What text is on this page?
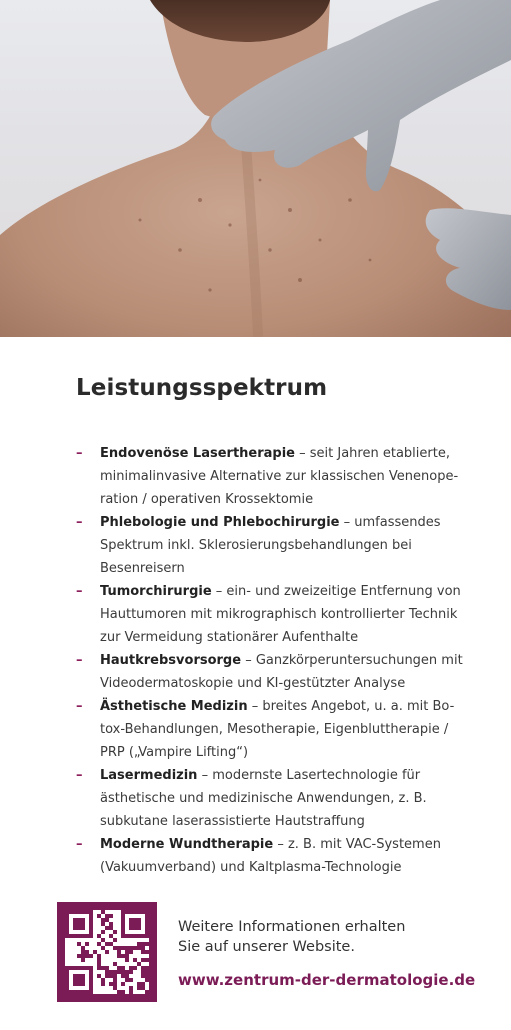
Leistungsspektrum
– Endovenöse Lasertherapie – seit Jahren etablierte,
minimalinvasive Alternative zur klassischen Venenope-
ration / operativen Krossektomie
– Phlebologie und Phlebochirurgie – umfassendes
Spektrum inkl. Sklerosierungsbehandlungen bei
Besenreisern
– Tumorchirurgie – ein- und zweizeitige Entfernung von
Hauttumoren mit mikrographisch kontrollierter Technik
zur Vermeidung stationärer Aufenthalte
– Hautkrebsvorsorge – Ganzkörperuntersuchungen mit
Videodermatoskopie und KI-gestützter Analyse
– Ästhetische Medizin – breites Angebot, u. a. mit Bo-
tox-Behandlungen, Mesotherapie, Eigenbluttherapie /
PRP („Vampire Lifting“)
– Lasermedizin – modernste Lasertechnologie für
ästhetische und medizinische Anwendungen, z. B.
subkutane laserassistierte Hautstraffung
– Moderne Wundtherapie – z. B. mit VAC-Systemen
(Vakuumverband) und Kaltplasma-Technologie
Weitere Informationen erhalten
Sie auf unserer Website.
www.zentrum-der-dermatologie.de
